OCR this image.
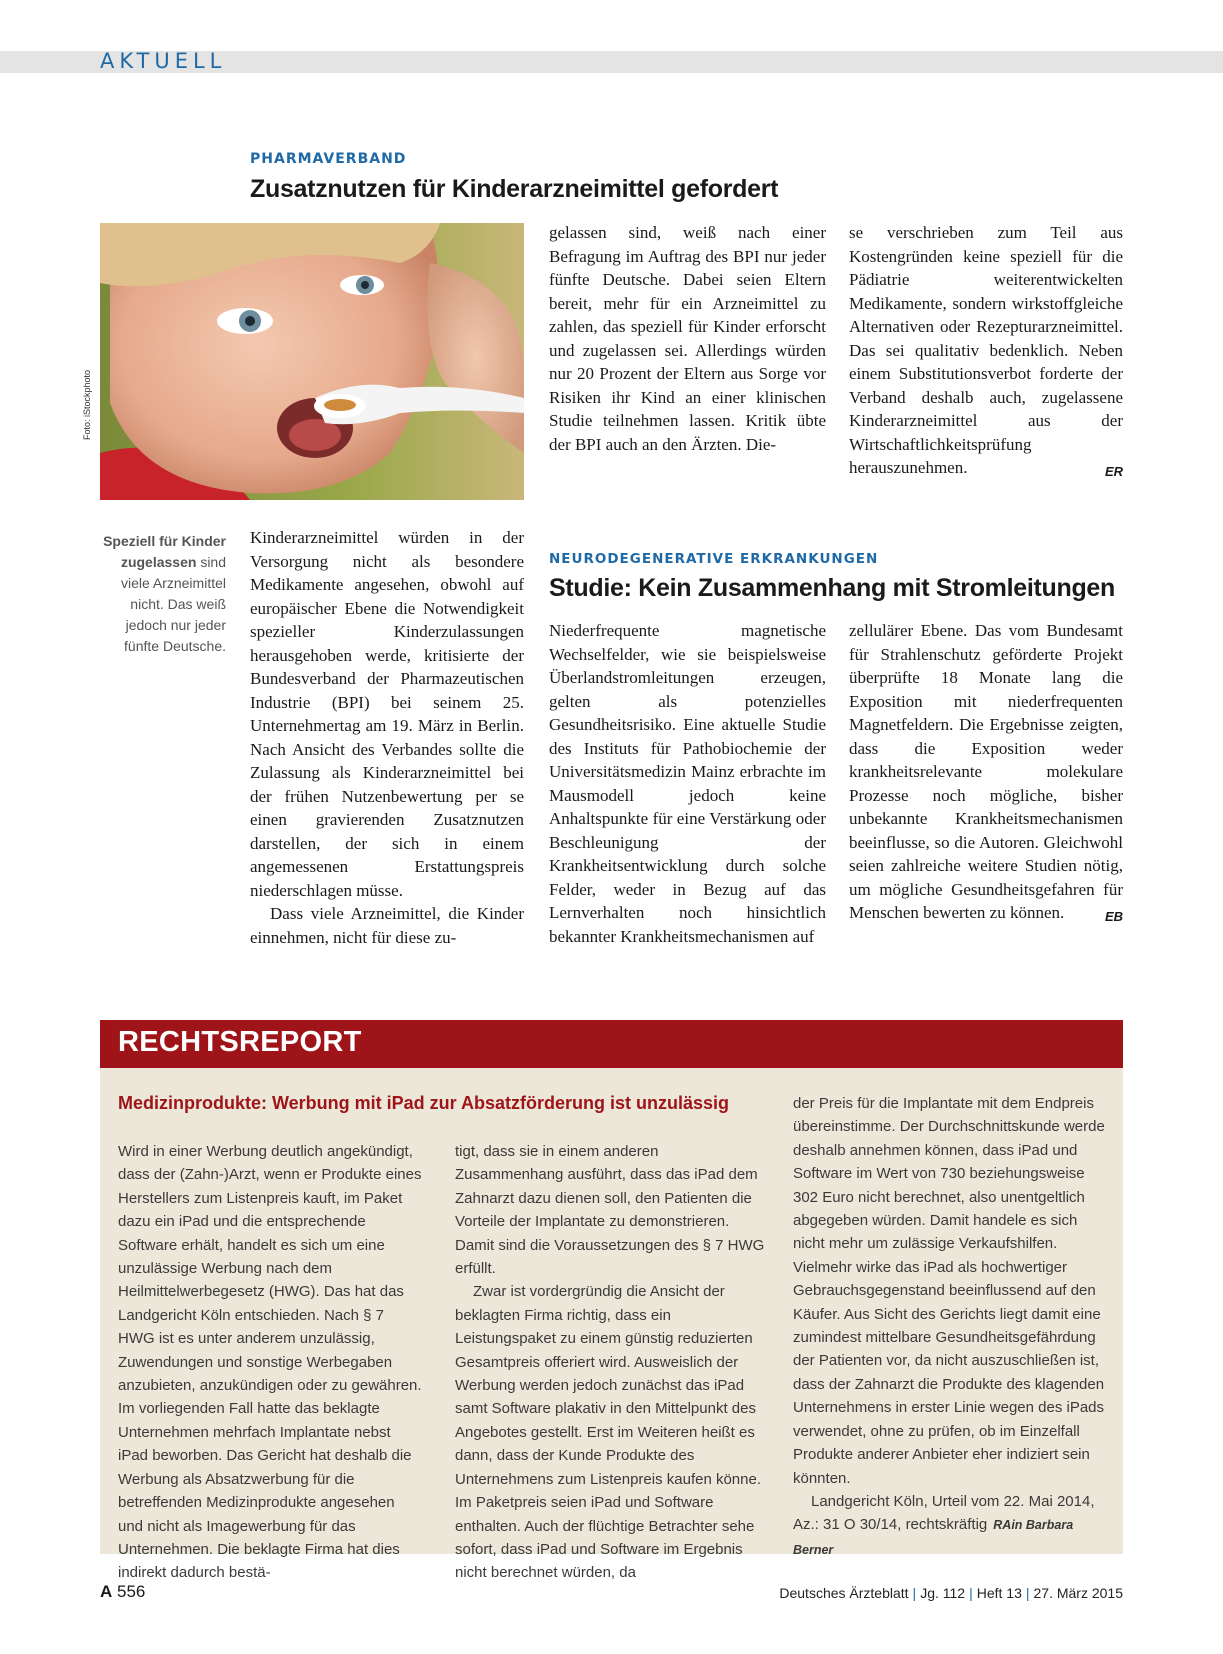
AKTUELL
PHARMAVERBAND
Zusatznutzen für Kinderarzneimittel gefordert
Foto: iStockphoto
Speziell für Kinder zugelassen sind viele Arzneimittel nicht. Das weiß jedoch nur jeder fünfte Deutsche.

Kinderarzneimittel würden in der Versorgung nicht als besondere Medikamente angesehen, obwohl auf europäischer Ebene die Notwendigkeit spezieller Kinderzulassungen herausgehoben werde, kritisierte der Bundesverband der Pharmazeutischen Industrie (BPI) bei seinem 25. Unternehmertag am 19. März in Berlin. Nach Ansicht des Verbandes sollte die Zulassung als Kinderarzneimittel bei der frühen Nutzenbewertung per se einen gravierenden Zusatznutzen darstellen, der sich in einem angemessenen Erstattungspreis niederschlagen müsse.

Dass viele Arzneimittel, die Kinder einnehmen, nicht für diese zu-

gelassen sind, weiß nach einer Befragung im Auftrag des BPI nur jeder fünfte Deutsche. Dabei seien Eltern bereit, mehr für ein Arzneimittel zu zahlen, das speziell für Kinder erforscht und zugelassen sei. Allerdings würden nur 20 Prozent der Eltern aus Sorge vor Risiken ihr Kind an einer klinischen Studie teilnehmen lassen. Kritik übte der BPI auch an den Ärzten. Die-

se verschrieben zum Teil aus Kostengründen keine speziell für die Pädiatrie weiterentwickelten Medikamente, sondern wirkstoffgleiche Alternativen oder Rezepturarzneimittel. Das sei qualitativ bedenklich. Neben einem Substitutionsverbot forderte der Verband deshalb auch, zugelassene Kinderarzneimittel aus der Wirtschaftlichkeitsprüfung herauszunehmen.	ER

NEURODEGENERATIVE ERKRANKUNGEN
Studie: Kein Zusammenhang mit Stromleitungen

Niederfrequente magnetische Wechselfelder, wie sie beispielsweise Überlandstromleitungen erzeugen, gelten als potenzielles Gesundheitsrisiko. Eine aktuelle Studie des Instituts für Pathobiochemie der Universitätsmedizin Mainz erbrachte im Mausmodell jedoch keine Anhaltspunkte für eine Verstärkung oder Beschleunigung der Krankheitsentwicklung durch solche Felder, weder in Bezug auf das Lernverhalten noch hinsichtlich bekannter Krankheitsmechanismen auf

zellulärer Ebene. Das vom Bundesamt für Strahlenschutz geförderte Projekt überprüfte 18 Monate lang die Exposition mit niederfrequenten Magnetfeldern. Die Ergebnisse zeigten, dass die Exposition weder krankheitsrelevante molekulare Prozesse noch mögliche, bisher unbekannte Krankheitsmechanismen beeinflusse, so die Autoren. Gleichwohl seien zahlreiche weitere Studien nötig, um mögliche Gesundheitsgefahren für Menschen bewerten zu können.	EB

RECHTSREPORT
Medizinprodukte: Werbung mit iPad zur Absatzförderung ist unzulässig

Wird in einer Werbung deutlich angekündigt, dass der (Zahn-)Arzt, wenn er Produkte eines Herstellers zum Listenpreis kauft, im Paket dazu ein iPad und die entsprechende Software erhält, handelt es sich um eine unzulässige Werbung nach dem Heilmittelwerbegesetz (HWG). Das hat das Landgericht Köln entschieden. Nach § 7 HWG ist es unter anderem unzulässig, Zuwendungen und sonstige Werbegaben anzubieten, anzukündigen oder zu gewähren. Im vorliegenden Fall hatte das beklagte Unternehmen mehrfach Implantate nebst iPad beworben. Das Gericht hat deshalb die Werbung als Absatzwerbung für die betreffenden Medizinprodukte angesehen und nicht als Imagewerbung für das Unternehmen. Die beklagte Firma hat dies indirekt dadurch bestä-

tigt, dass sie in einem anderen Zusammenhang ausführt, dass das iPad dem Zahnarzt dazu dienen soll, den Patienten die Vorteile der Implantate zu demonstrieren. Damit sind die Voraussetzungen des § 7 HWG erfüllt.

Zwar ist vordergründig die Ansicht der beklagten Firma richtig, dass ein Leistungspaket zu einem günstig reduzierten Gesamtpreis offeriert wird. Ausweislich der Werbung werden jedoch zunächst das iPad samt Software plakativ in den Mittelpunkt des Angebotes gestellt. Erst im Weiteren heißt es dann, dass der Kunde Produkte des Unternehmens zum Listenpreis kaufen könne. Im Paketpreis seien iPad und Software enthalten. Auch der flüchtige Betrachter sehe sofort, dass iPad und Software im Ergebnis nicht berechnet würden, da

der Preis für die Implantate mit dem Endpreis übereinstimme. Der Durchschnittskunde werde deshalb annehmen können, dass iPad und Software im Wert von 730 beziehungsweise 302 Euro nicht berechnet, also unentgeltlich abgegeben würden. Damit handele es sich nicht mehr um zulässige Verkaufshilfen. Vielmehr wirke das iPad als hochwertiger Gebrauchsgegenstand beeinflussend auf den Käufer. Aus Sicht des Gerichts liegt damit eine zumindest mittelbare Gesundheitsgefährdung der Patienten vor, da nicht auszuschließen ist, dass der Zahnarzt die Produkte des klagenden Unternehmens in erster Linie wegen des iPads verwendet, ohne zu prüfen, ob im Einzelfall Produkte anderer Anbieter eher indiziert sein könnten.

Landgericht Köln, Urteil vom 22. Mai 2014, Az.: 31 O 30/14, rechtskräftig RAin Barbara Berner

A 556	Deutsches Ärzteblatt | Jg. 112 | Heft 13 | 27. März 2015
